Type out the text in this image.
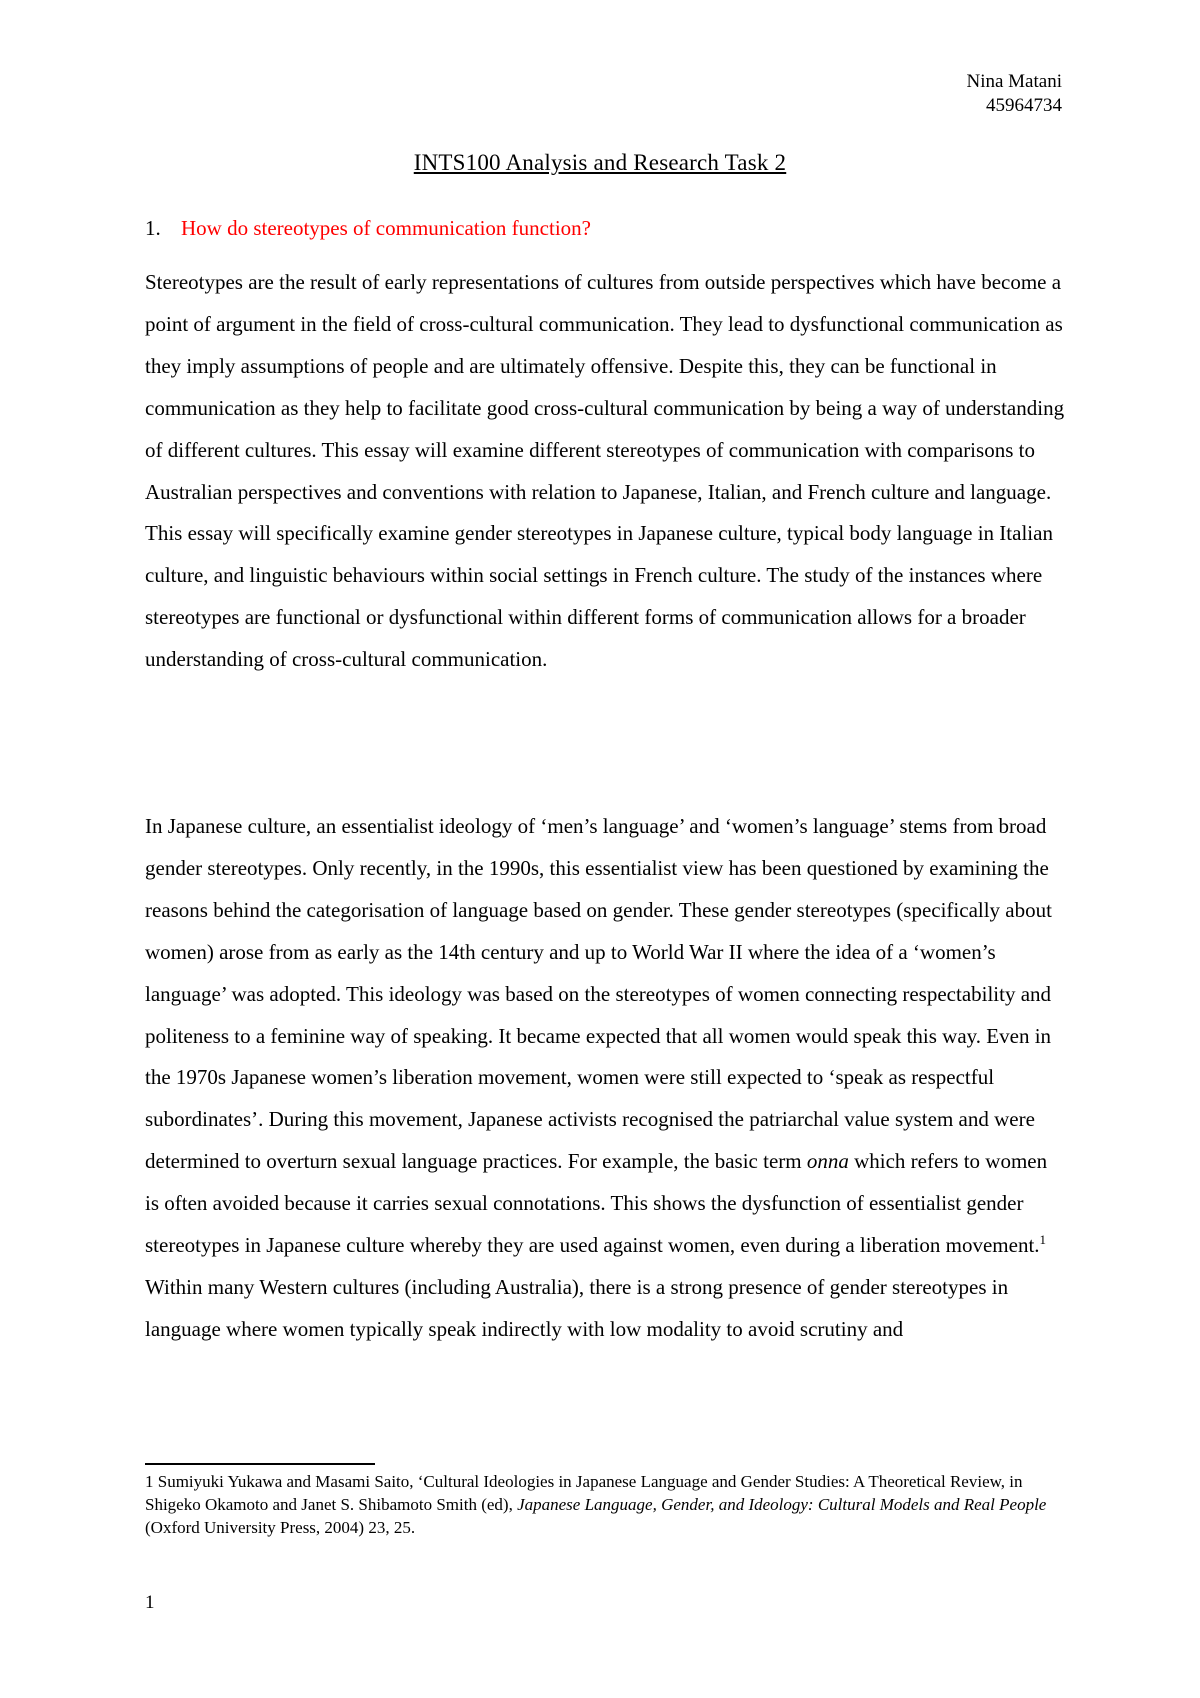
Nina Matani
45964734
INTS100 Analysis and Research Task 2
1. How do stereotypes of communication function?

Stereotypes are the result of early representations of cultures from outside perspectives which have become a point of argument in the field of cross-cultural communication. They lead to dysfunctional communication as they imply assumptions of people and are ultimately offensive. Despite this, they can be functional in communication as they help to facilitate good cross-cultural communication by being a way of understanding of different cultures. This essay will examine different stereotypes of communication with comparisons to Australian perspectives and conventions with relation to Japanese, Italian, and French culture and language. This essay will specifically examine gender stereotypes in Japanese culture, typical body language in Italian culture, and linguistic behaviours within social settings in French culture. The study of the instances where stereotypes are functional or dysfunctional within different forms of communication allows for a broader understanding of cross-cultural communication.

In Japanese culture, an essentialist ideology of ‘men’s language’ and ‘women’s language’ stems from broad gender stereotypes. Only recently, in the 1990s, this essentialist view has been questioned by examining the reasons behind the categorisation of language based on gender. These gender stereotypes (specifically about women) arose from as early as the 14th century and up to World War II where the idea of a ‘women’s language’ was adopted. This ideology was based on the stereotypes of women connecting respectability and politeness to a feminine way of speaking. It became expected that all women would speak this way. Even in the 1970s Japanese women’s liberation movement, women were still expected to ‘speak as respectful subordinates’. During this movement, Japanese activists recognised the patriarchal value system and were determined to overturn sexual language practices. For example, the basic term onna which refers to women is often avoided because it carries sexual connotations. This shows the dysfunction of essentialist gender stereotypes in Japanese culture whereby they are used against women, even during a liberation movement.$^1$ Within many Western cultures (including Australia), there is a strong presence of gender stereotypes in language where women typically speak indirectly with low modality to avoid scrutiny and

1 Sumiyuki Yukawa and Masami Saito, ‘Cultural Ideologies in Japanese Language and Gender Studies: A Theoretical Review, in Shigeko Okamoto and Janet S. Shibamoto Smith (ed), Japanese Language, Gender, and Ideology: Cultural Models and Real People (Oxford University Press, 2004) 23, 25.

1
